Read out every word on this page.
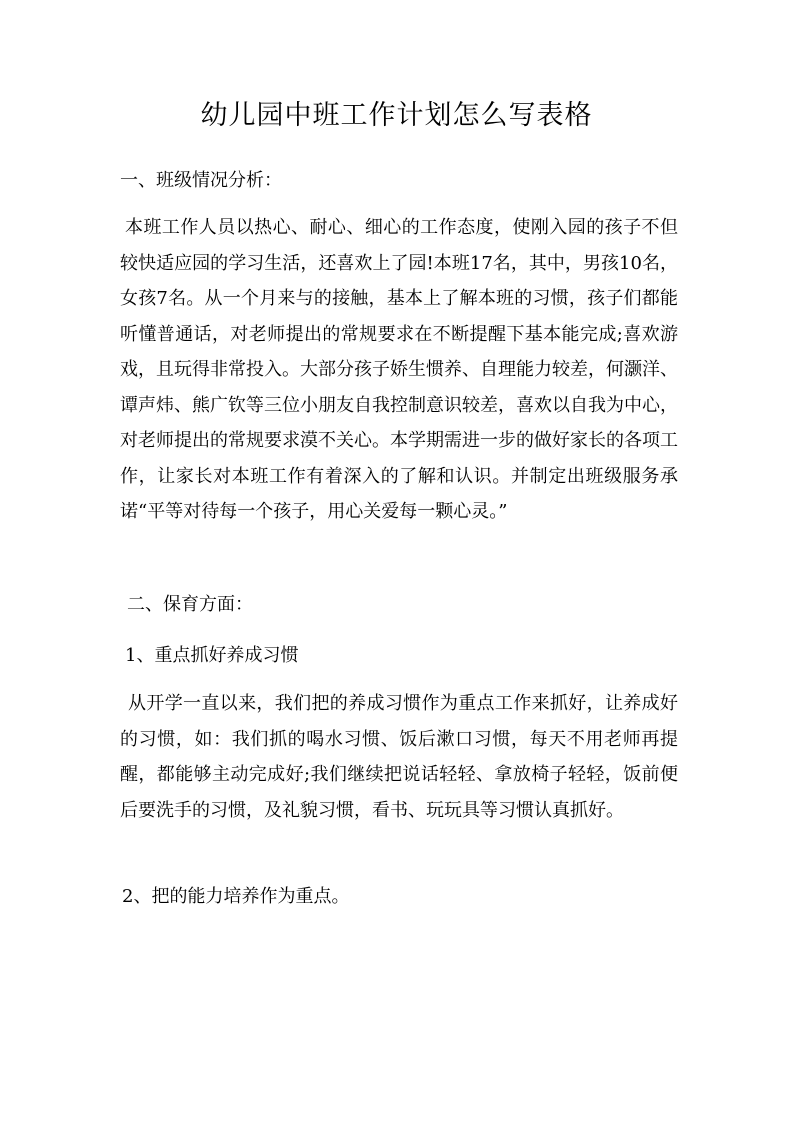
幼儿园中班工作计划怎么写表格
一、班级情况分析：
本班工作人员以热心、耐心、细心的工作态度，使刚入园的孩子不但较快适应园的学习生活，还喜欢上了园!本班17名，其中，男孩10名，女孩7名。从一个月来与的接触，基本上了解本班的习惯，孩子们都能听懂普通话，对老师提出的常规要求在不断提醒下基本能完成;喜欢游戏，且玩得非常投入。大部分孩子娇生惯养、自理能力较差，何灏洋、谭声炜、熊广钦等三位小朋友自我控制意识较差，喜欢以自我为中心，对老师提出的常规要求漠不关心。本学期需进一步的做好家长的各项工作，让家长对本班工作有着深入的了解和认识。并制定出班级服务承诺“平等对待每一个孩子，用心关爱每一颗心灵。”
二、保育方面：
1、重点抓好养成习惯
从开学一直以来，我们把的养成习惯作为重点工作来抓好，让养成好的习惯，如：我们抓的喝水习惯、饭后漱口习惯，每天不用老师再提醒，都能够主动完成好;我们继续把说话轻轻、拿放椅子轻轻，饭前便后要洗手的习惯，及礼貌习惯，看书、玩玩具等习惯认真抓好。
2、把的能力培养作为重点。
